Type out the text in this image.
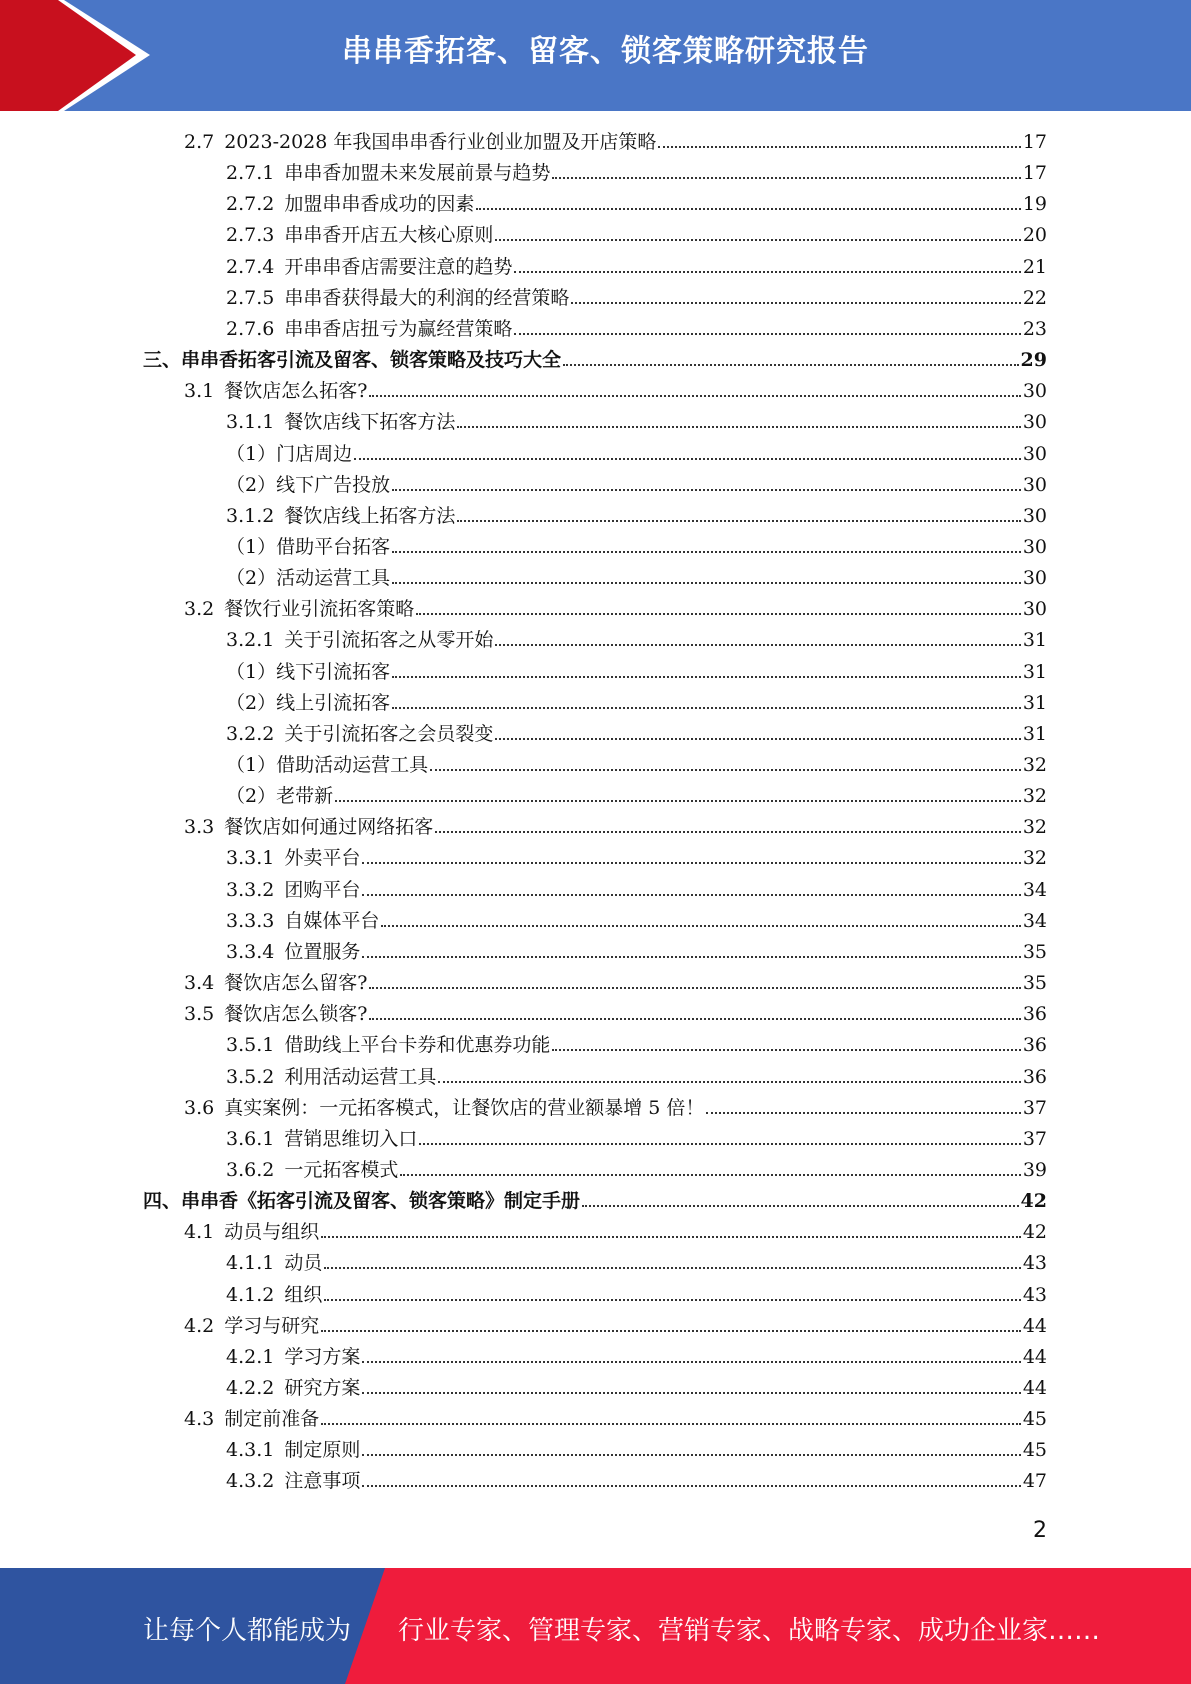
串串香拓客、留客、锁客策略研究报告
2.7 2023-2028 年我国串串香行业创业加盟及开店策略	17
2.7.1 串串香加盟未来发展前景与趋势	17
2.7.2 加盟串串香成功的因素	19
2.7.3 串串香开店五大核心原则	20
2.7.4 开串串香店需要注意的趋势	21
2.7.5 串串香获得最大的利润的经营策略	22
2.7.6 串串香店扭亏为赢经营策略	23
三、串串香拓客引流及留客、锁客策略及技巧大全	29
3.1 餐饮店怎么拓客?	30
3.1.1 餐饮店线下拓客方法	30
（1）门店周边	30
（2）线下广告投放	30
3.1.2 餐饮店线上拓客方法	30
（1）借助平台拓客	30
（2）活动运营工具	30
3.2 餐饮行业引流拓客策略	30
3.2.1 关于引流拓客之从零开始	31
（1）线下引流拓客	31
（2）线上引流拓客	31
3.2.2 关于引流拓客之会员裂变	31
（1）借助活动运营工具	32
（2）老带新	32
3.3 餐饮店如何通过网络拓客	32
3.3.1 外卖平台	32
3.3.2 团购平台	34
3.3.3 自媒体平台	34
3.3.4 位置服务	35
3.4 餐饮店怎么留客?	35
3.5 餐饮店怎么锁客?	36
3.5.1 借助线上平台卡券和优惠券功能	36
3.5.2 利用活动运营工具	36
3.6 真实案例：一元拓客模式，让餐饮店的营业额暴增 5 倍！	37
3.6.1 营销思维切入口	37
3.6.2 一元拓客模式	39
四、串串香《拓客引流及留客、锁客策略》制定手册	42
4.1 动员与组织	42
4.1.1 动员	43
4.1.2 组织	43
4.2 学习与研究	44
4.2.1 学习方案	44
4.2.2 研究方案	44
4.3 制定前准备	45
4.3.1 制定原则	45
4.3.2 注意事项	47
2
让每个人都能成为 行业专家、管理专家、营销专家、战略专家、成功企业家……
